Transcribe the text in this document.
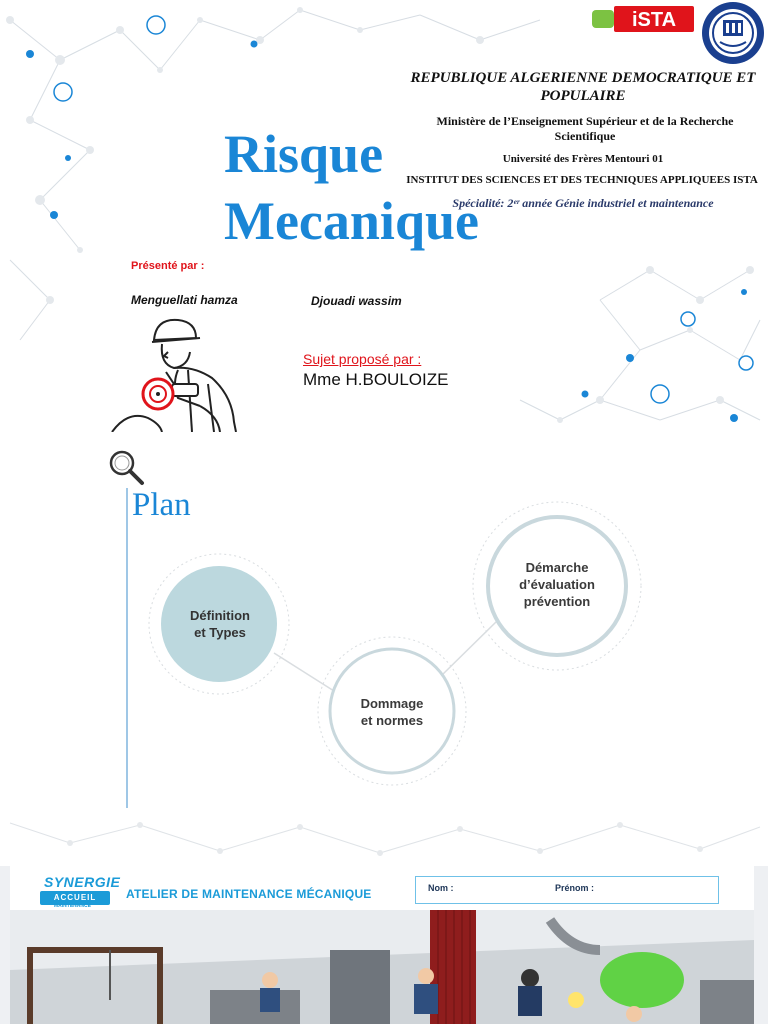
iSTA
REPUBLIQUE ALGERIENNE DEMOCRATIQUE ET
POPULAIRE
Ministère de l’Enseignement Supérieur et de la Recherche
Scientifique
Université des Frères Mentouri 01
INSTITUT DES SCIENCES ET DES TECHNIQUES APPLIQUEES ISTA
Spécialité: 2ᵉʳ année Génie industriel et maintenance
Risque
Mecanique
Présenté par :
Menguellati hamza	Djouadi wassim
Sujet proposé par :
Mme H.BOULOIZE
Plan
Définition
et Types
Dommage
et normes
Démarche
d’évaluation
prévention
SYNERGIE
ACCUEIL
MAINTENANCE
ATELIER DE MAINTENANCE MÉCANIQUE	Nom :	Prénom :
